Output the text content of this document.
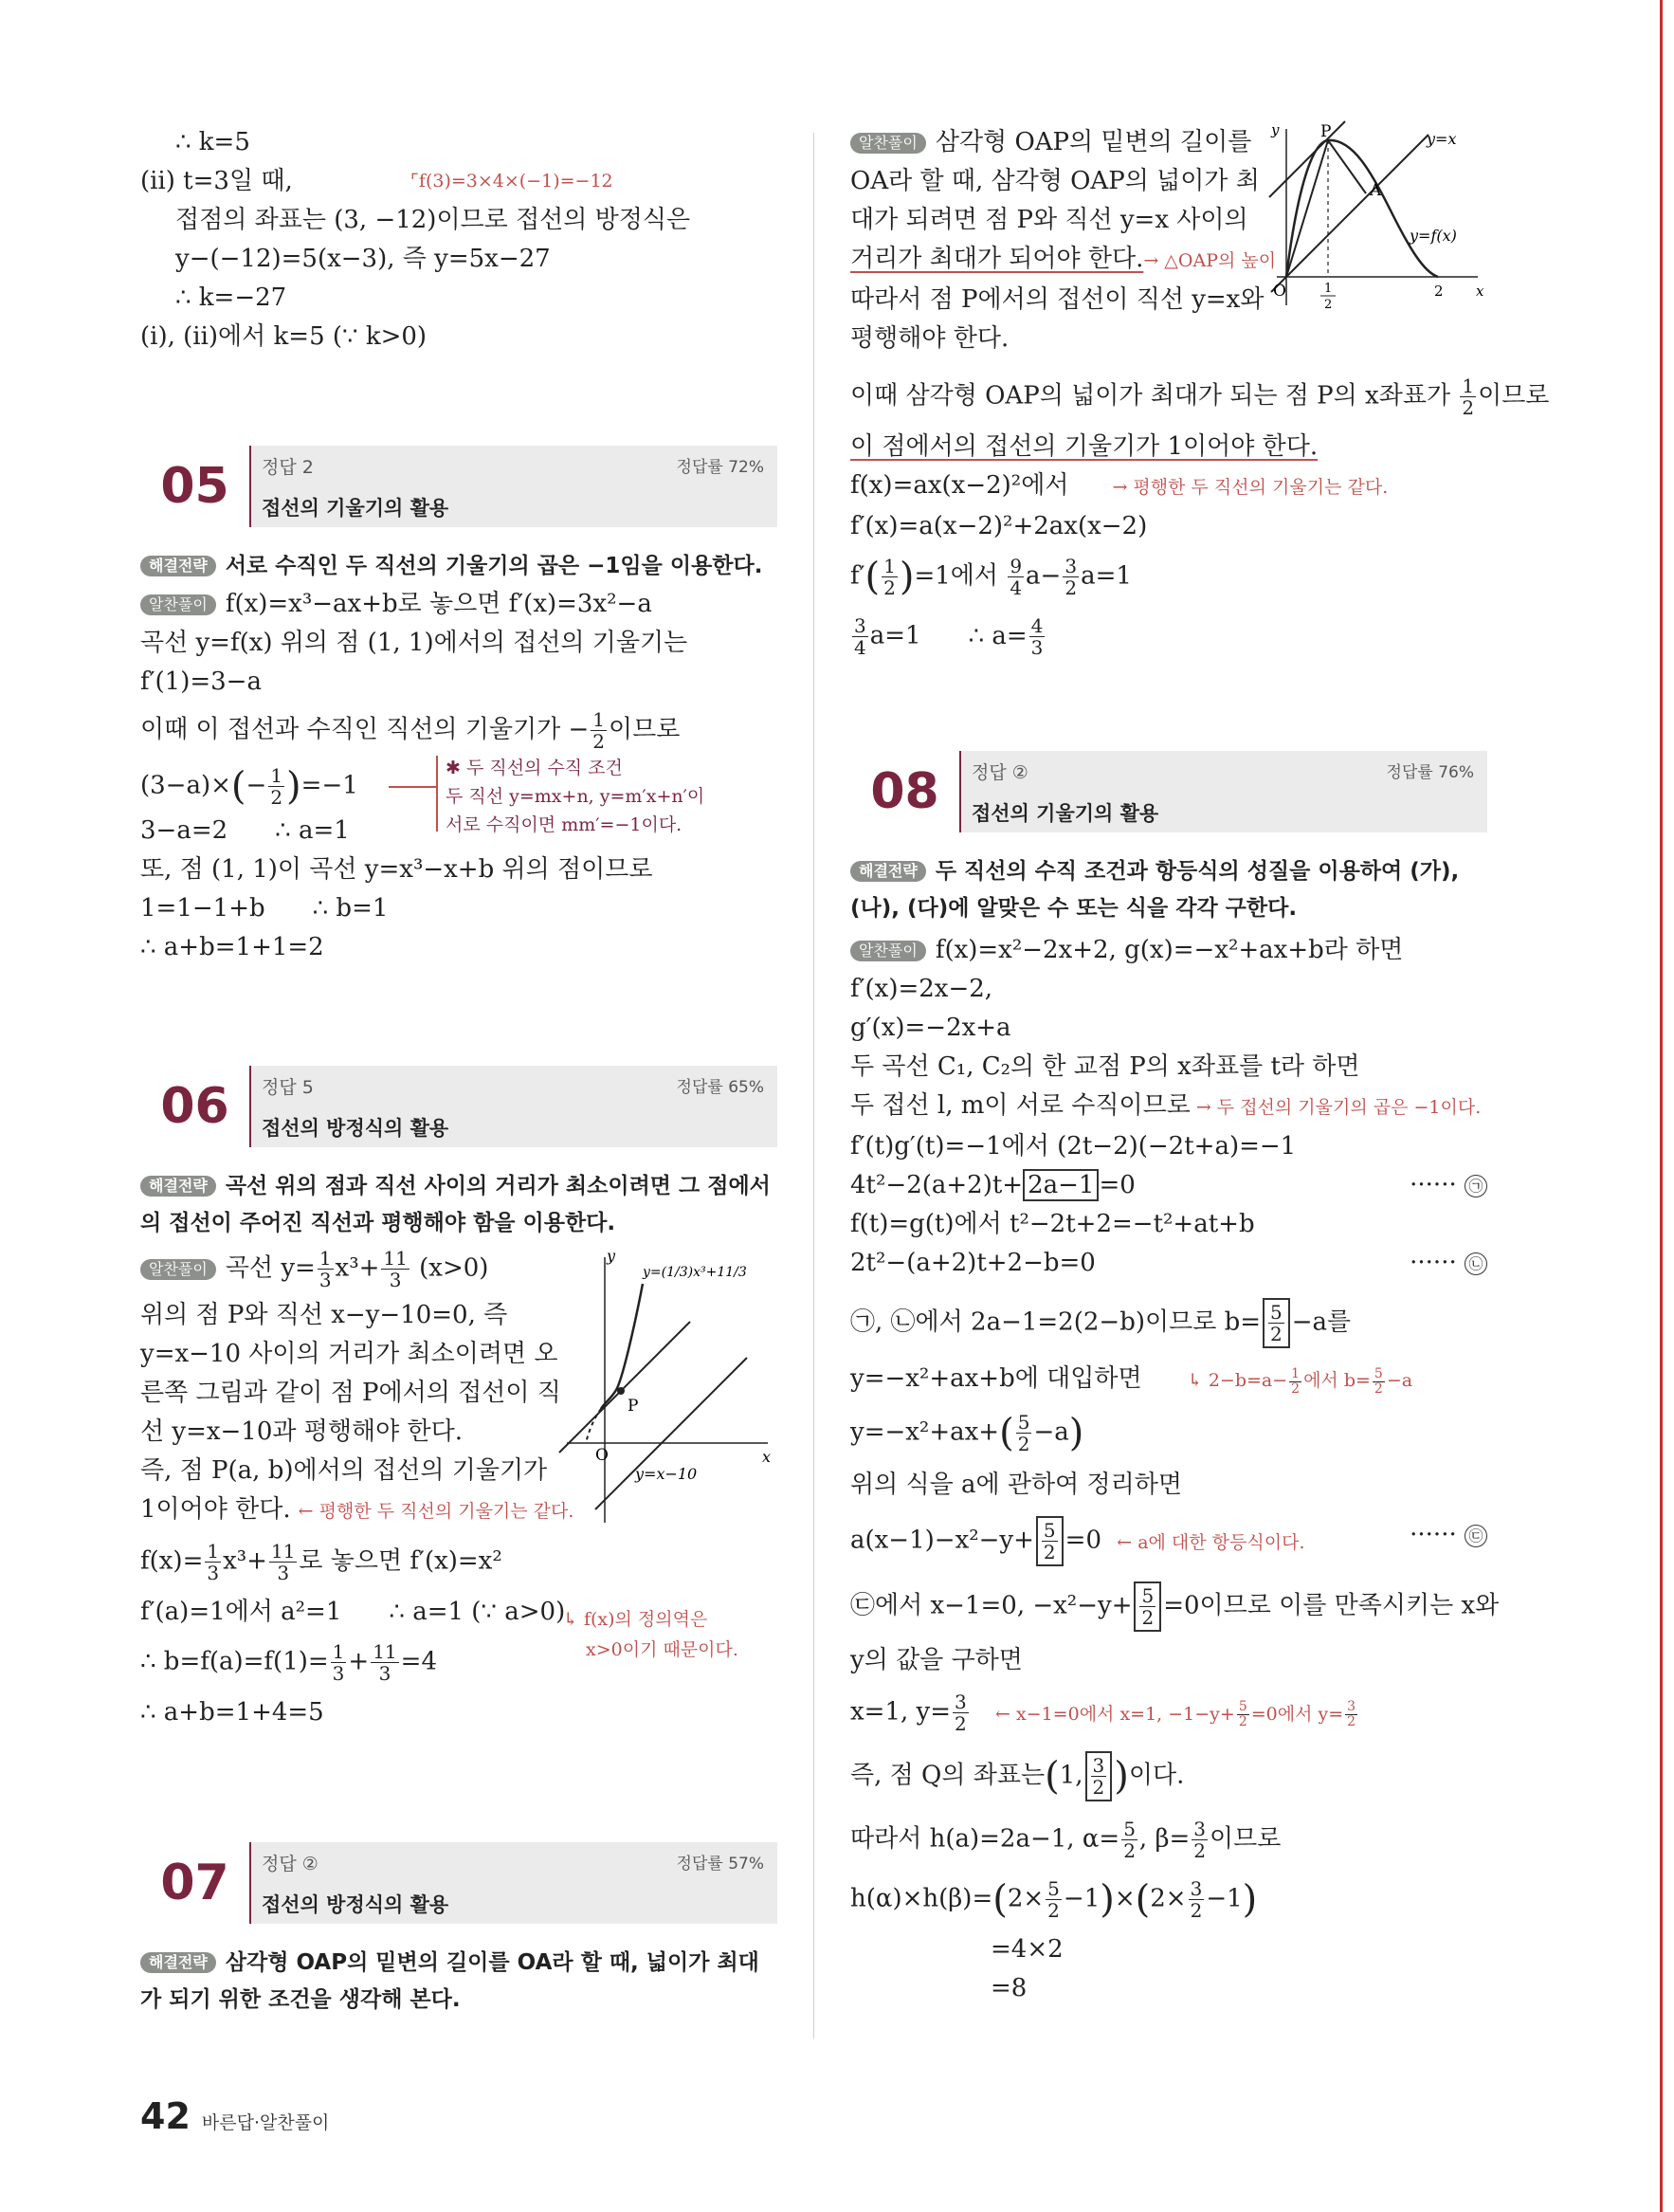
∴ k=5
(ⅱ) t=3일 때,	⌜f(3)=3×4×(−1)=−12
접점의 좌표는 (3, −12)이므로 접선의 방정식은
y−(−12)=5(x−3), 즉 y=5x−27
∴ k=−27
(ⅰ), (ⅱ)에서 k=5 (∵ k>0)
05	정답 2	정답률 72%
접선의 기울기의 활용
해결전략 서로 수직인 두 직선의 기울기의 곱은 −1임을 이용한다.
알찬풀이 f(x)=x³−ax+b로 놓으면 f′(x)=3x²−a
곡선 y=f(x) 위의 점 (1, 1)에서의 접선의 기울기는
f′(1)=3−a
이때 이 접선과 수직인 직선의 기울기가 − $\frac{1}{2}$ 이므로
$(3-a)\times(- \frac{1}{2} )=-1$
✱ 두 직선의 수직 조건
두 직선 y=mx+n, y=m′x+n′이
서로 수직이면 mm′=−1이다.
3−a=2 ∴ a=1
또, 점 (1, 1)이 곡선 y=x³−x+b 위의 점이므로
1=1−1+b ∴ b=1
∴ a+b=1+1=2
06	정답 5	정답률 65%
접선의 방정식의 활용
해결전략 곡선 위의 점과 직선 사이의 거리가 최소이려면 그 점에서의 접선이 주어진 직선과 평행해야 함을 이용한다.
알찬풀이 곡선 $y= \frac{1}{3} x^3+ \frac{11}{3} (x>0)$
위의 점 P와 직선 x−y−10=0, 즉
y=x−10 사이의 거리가 최소이려면 오
른쪽 그림과 같이 점 P에서의 접선이 직
선 y=x−10과 평행해야 한다.
즉, 점 P(a, b)에서의 접선의 기울기가
1이어야 한다. ← 평행한 두 직선의 기울기는 같다.
y
x
O
P
y=(1/3)x³+11/3
y=x−10
$f(x)= \frac{1}{3} x^3+ \frac{11}{3}$ 로 놓으면 f′(x)=x²
f′(a)=1에서 a²=1 ∴ a=1 (∵ a>0)
↳ f(x)의 정의역은
x>0이기 때문이다.
∴ $b=f(a)=f(1)= \frac{1}{3} + \frac{11}{3} =4$
∴ a+b=1+4=5
07	정답 ②	정답률 57%
접선의 방정식의 활용
해결전략 삼각형 OAP의 밑변의 길이를 OA라 할 때, 넓이가 최대가 되기 위한 조건을 생각해 본다.
알찬풀이 삼각형 OAP의 밑변의 길이를
OA라 할 때, 삼각형 OAP의 넓이가 최
대가 되려면 점 P와 직선 y=x 사이의
거리가 최대가 되어야 한다.→ △OAP의 높이
따라서 점 P에서의 접선이 직선 y=x와
평행해야 한다.
y
x
O
P
A
y=x
y=f(x)
2
1
2
이때 삼각형 OAP의 넓이가 최대가 되는 점 P의 x좌표가 $\frac{1}{2}$ 이므로
이 점에서의 접선의 기울기가 1이어야 한다.
f(x)=ax(x−2)²에서 → 평행한 두 직선의 기울기는 같다.
f′(x)=a(x−2)²+2ax(x−2)
$f'( \frac{1}{2} )=1$에서 $\frac{9}{4} a- \frac{3}{2} a=1$
$\frac{3}{4} a=1$ ∴ $a= \frac{4}{3}$
08	정답 ②	정답률 76%
접선의 기울기의 활용
해결전략 두 직선의 수직 조건과 항등식의 성질을 이용하여 (가), (나), (다)에 알맞은 수 또는 식을 각각 구한다.
알찬풀이 f(x)=x²−2x+2, g(x)=−x²+ax+b라 하면
f′(x)=2x−2,
g′(x)=−2x+a
두 곡선 C₁, C₂의 한 교점 P의 x좌표를 t라 하면
두 접선 l, m이 서로 수직이므로 → 두 접선의 기울기의 곱은 −1이다.
f′(t)g′(t)=−1에서 (2t−2)(−2t+a)=−1
4t²−2(a+2)t+ 2a−1 =0	······ ㉠
f(t)=g(t)에서 t²−2t+2=−t²+at+b
2t²−(a+2)t+2−b=0	······ ㉡
㉠, ㉡에서 2a−1=2(2−b)이므로 $b= \frac{5}{2} -a$를
y=−x²+ax+b에 대입하면	↳ $2-b=a- \frac{1}{2}$ 에서 $b= \frac{5}{2} -a$
$y=-x^2+ax+( \frac{5}{2} -a)$
위의 식을 a에 관하여 정리하면
$a(x-1)-x^2-y+ \frac{5}{2} =0$ ← a에 대한 항등식이다.	······ ㉢
㉢에서 x−1=0, $-x^2-y+ \frac{5}{2} =0$이므로 이를 만족시키는 x와
y의 값을 구하면
x=1, $y= \frac{3}{2}$ ← x−1=0에서 x=1, $-1-y+ \frac{5}{2} =0$에서 $y= \frac{3}{2}$
즉, 점 Q의 좌표는(1, $\frac{3}{2}$ )이다.
따라서 h(a)=2a−1, $\alpha= \frac{5}{2}$ , $\beta= \frac{3}{2}$ 이므로
$h(\alpha)\times h(\beta)=(2\times \frac{5}{2} -1)\times(2\times \frac{3}{2} -1)$
=4×2
=8
42 바른답·알찬풀이
